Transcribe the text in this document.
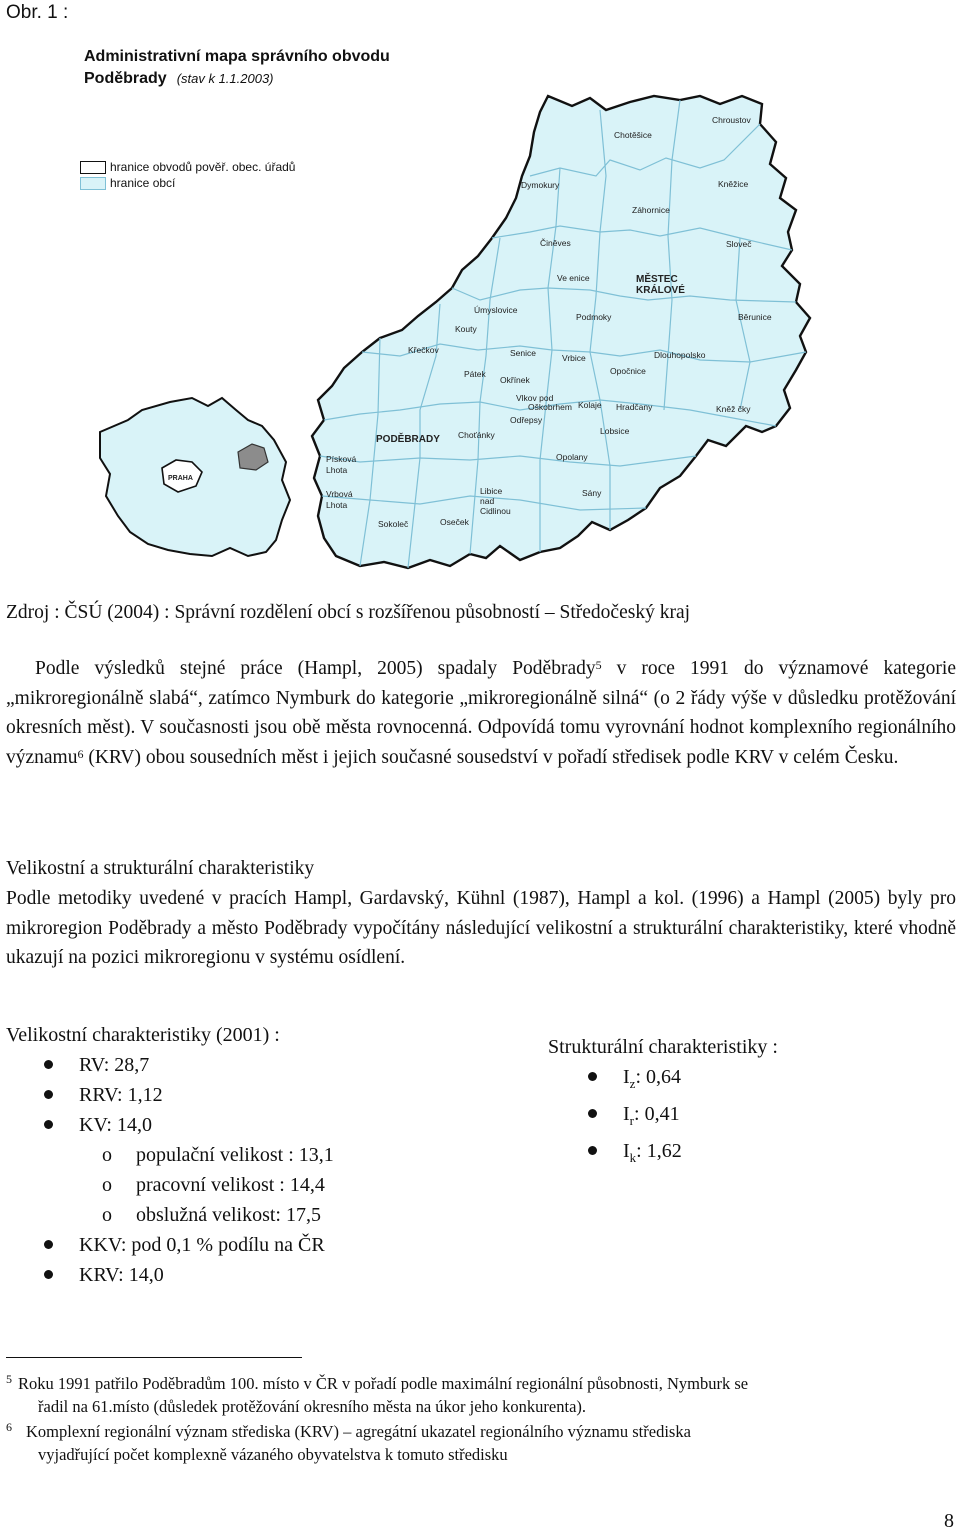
Obr. 1 :
Administrativní mapa správního obvodu
Poděbrady (stav k 1.1.2003)
hranice obvodů pověř. obec. úřadů
hranice obcí
Chroustov
Chotěšice
Dymokury	Kněžice
Záhornice
Činěves	Sloveč
Ve enice	MĚSTEC
KRÁLOVÉ
Úmyslovice
Kouty
Podmoky	Běrunice
Křečkov	Senice	Vrbice	Dlouhopolsko
Pátek
Okřínek
Opočnice
Vlkov pod
Oškobrhem Kolaje Hradčany	Kněž čky
Odřepsy
PODĚBRADY Choťánky	Lobsice
Písková
Lhota
Opolany
Vrbová
Lhota
Libice
nad
Cidlinou
Sány
Sokoleč	Oseček
PRAHA
Zdroj : ČSÚ (2004) : Správní rozdělení obcí s rozšířenou působností – Středočeský kraj
Podle výsledků stejné práce (Hampl, 2005) spadaly Poděbrady$^5$ v roce 1991 do významové kategorie „mikroregionálně slabá“, zatímco Nymburk do kategorie „mikroregionálně silná“ (o 2 řády výše v důsledku protěžování okresních měst). V současnosti jsou obě města rovnocenná. Odpovídá tomu vyrovnání hodnot komplexního regionálního významu$^6$ (KRV) obou sousedních měst i jejich současné sousedství v pořadí středisek podle KRV v celém Česku.
Velikostní a strukturální charakteristiky
Podle metodiky uvedené v pracích Hampl, Gardavský, Kühnl (1987), Hampl a kol. (1996) a Hampl (2005) byly pro mikroregion Poděbrady a město Poděbrady vypočítány následující velikostní a strukturální charakteristiky, které vhodně ukazují na pozici mikroregionu v systému osídlení.
Velikostní charakteristiky (2001) :
RV: 28,7
RRV: 1,12
KV: 14,0
o populační velikost : 13,1
o pracovní velikost : 14,4
o obslužná velikost: 17,5
KKV: pod 0,1 % podílu na ČR
KRV: 14,0
Strukturální charakteristiky :
$I_z$: 0,64
$I_r$: 0,41
$I_k$: 1,62
5 Roku 1991 patřilo Poděbradům 100. místo v ČR v pořadí podle maximální regionální působnosti, Nymburk se
řadil na 61.místo (důsledek protěžování okresního města na úkor jeho konkurenta).
6 Komplexní regionální význam střediska (KRV) – agregátní ukazatel regionálního významu střediska
vyjadřující počet komplexně vázaného obyvatelstva k tomuto středisku
8
